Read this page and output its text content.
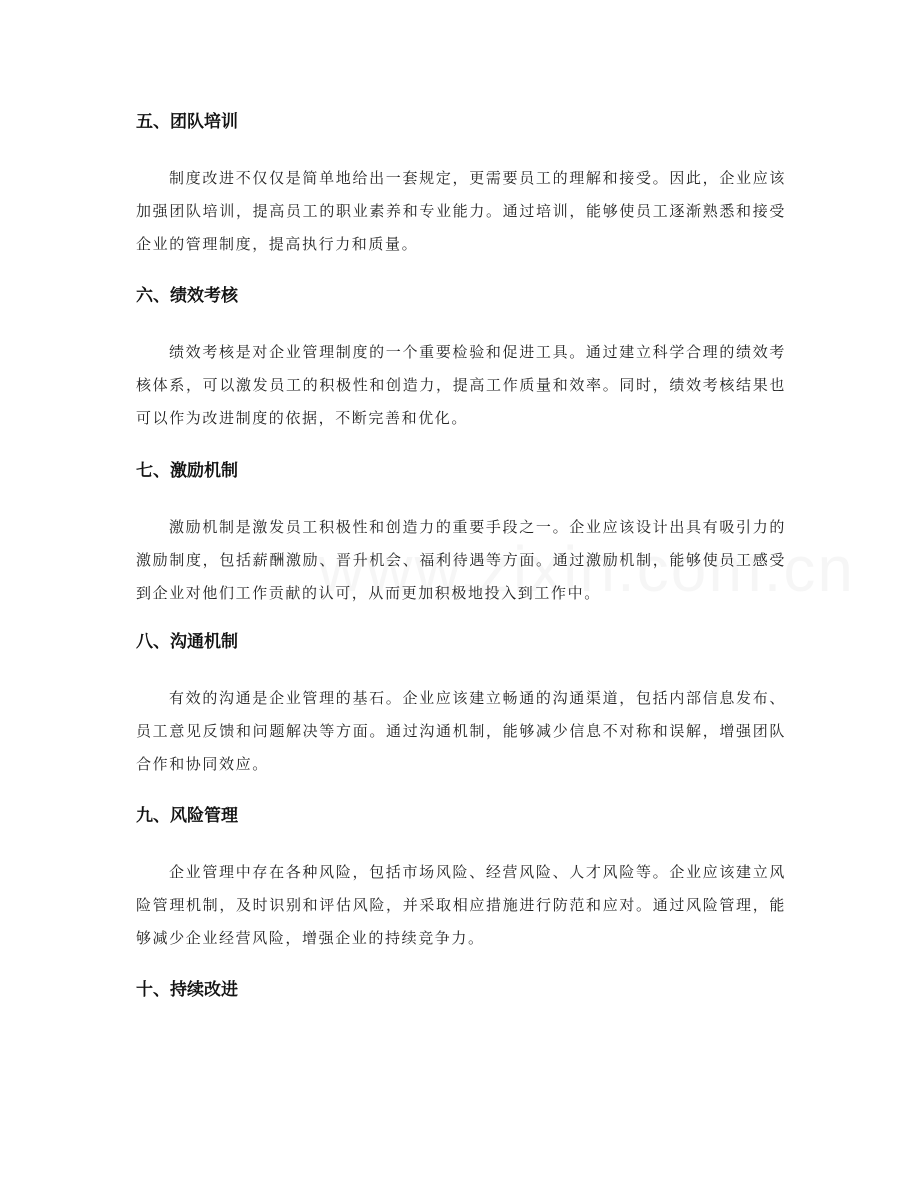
五、团队培训

制度改进不仅仅是简单地给出一套规定，更需要员工的理解和接受。因此，企业应该加强团队培训，提高员工的职业素养和专业能力。通过培训，能够使员工逐渐熟悉和接受企业的管理制度，提高执行力和质量。

六、绩效考核

绩效考核是对企业管理制度的一个重要检验和促进工具。通过建立科学合理的绩效考核体系，可以激发员工的积极性和创造力，提高工作质量和效率。同时，绩效考核结果也可以作为改进制度的依据，不断完善和优化。

七、激励机制

激励机制是激发员工积极性和创造力的重要手段之一。企业应该设计出具有吸引力的激励制度，包括薪酬激励、晋升机会、福利待遇等方面。通过激励机制，能够使员工感受到企业对他们工作贡献的认可，从而更加积极地投入到工作中。

八、沟通机制

有效的沟通是企业管理的基石。企业应该建立畅通的沟通渠道，包括内部信息发布、员工意见反馈和问题解决等方面。通过沟通机制，能够减少信息不对称和误解，增强团队合作和协同效应。

九、风险管理

企业管理中存在各种风险，包括市场风险、经营风险、人才风险等。企业应该建立风险管理机制，及时识别和评估风险，并采取相应措施进行防范和应对。通过风险管理，能够减少企业经营风险，增强企业的持续竞争力。

十、持续改进
